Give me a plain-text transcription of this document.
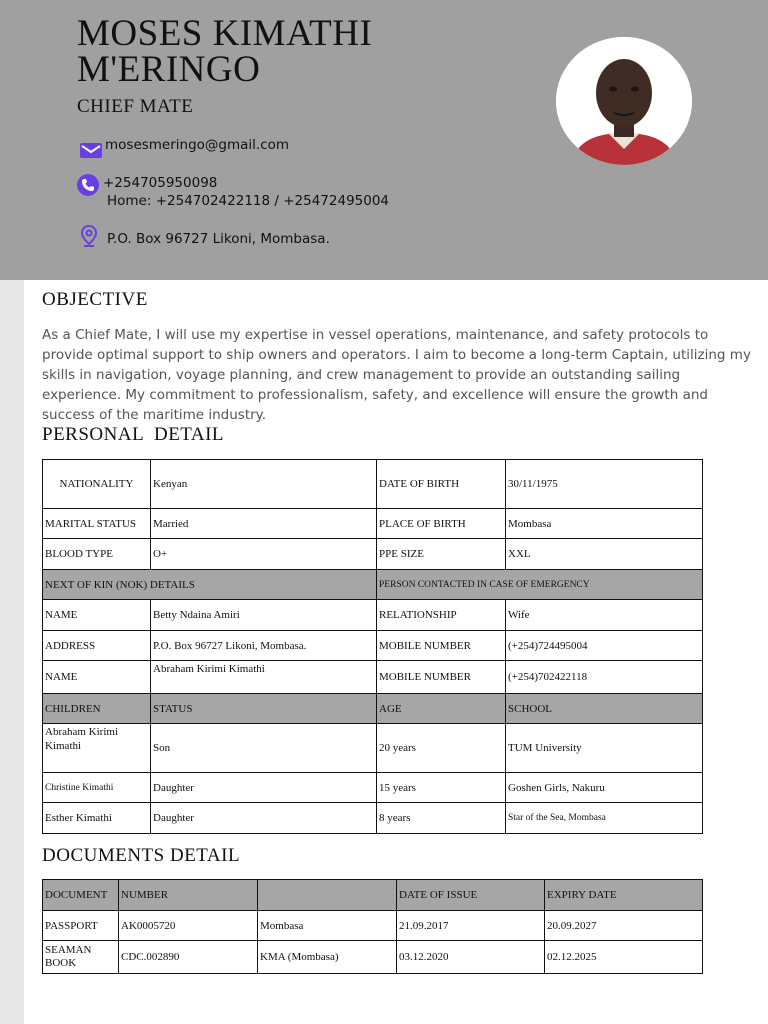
MOSES KIMATHI M'ERINGO
CHIEF MATE
mosesmeringo@gmail.com
+254705950098
Home: +254702422118 / +25472495004
P.O. Box 96727 Likoni, Mombasa.
OBJECTIVE
As a Chief Mate, I will use my expertise in vessel operations, maintenance, and safety protocols to provide optimal support to ship owners and operators. I aim to become a long-term Captain, utilizing my skills in navigation, voyage planning, and crew management to provide an outstanding sailing experience. My commitment to professionalism, safety, and excellence will ensure the growth and success of the maritime industry.
PERSONAL  DETAIL
NATIONALITY	Kenyan	DATE OF BIRTH	30/11/1975
MARITAL STATUS	Married	PLACE OF BIRTH	Mombasa
BLOOD TYPE	O+	PPE SIZE	XXL
NEXT OF KIN (NOK) DETAILS		PERSON CONTACTED IN CASE OF EMERGENCY	
NAME	Betty Ndaina Amiri	RELATIONSHIP	Wife
ADDRESS	P.O. Box 96727 Likoni, Mombasa.	MOBILE NUMBER	(+254)724495004
NAME	Abraham Kirimi Kimathi	MOBILE NUMBER	(+254)702422118
CHILDREN	STATUS	AGE	SCHOOL
Abraham Kirimi Kimathi	Son	20 years	TUM University
Christine Kimathi	Daughter	15 years	Goshen Girls, Nakuru
Esther Kimathi	Daughter	8 years	Star of the Sea, Mombasa
DOCUMENTS DETAIL
DOCUMENT	NUMBER		DATE OF ISSUE	EXPIRY DATE
PASSPORT	AK0005720	Mombasa	21.09.2017	20.09.2027
SEAMAN BOOK	CDC.002890	KMA (Mombasa)	03.12.2020	02.12.2025
